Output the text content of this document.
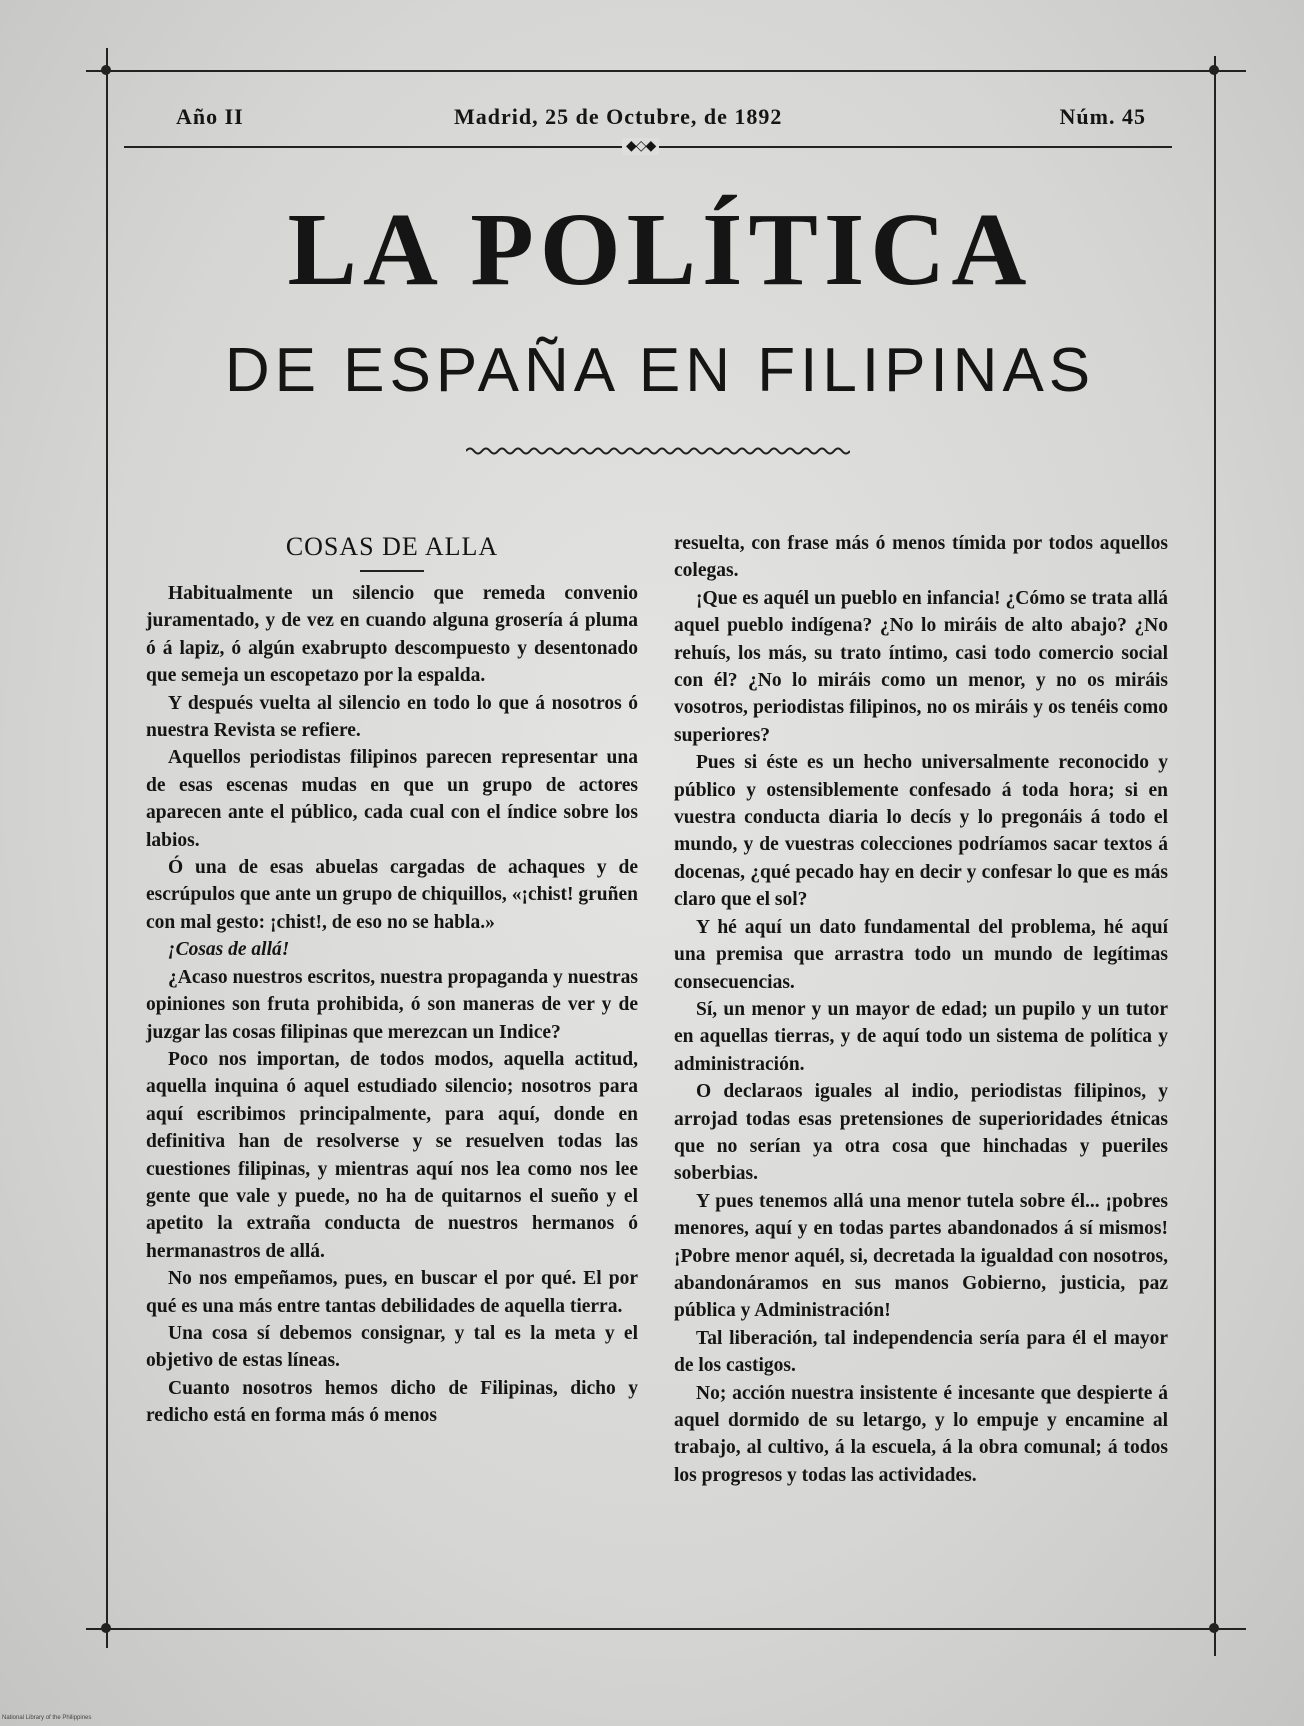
Año II	Madrid, 25 de Octubre, de 1892	Núm. 45
◆◇◆
LA POLÍTICA
DE ESPAÑA EN FILIPINAS
COSAS DE ALLA

Habitualmente un silencio que remeda convenio juramentado, y de vez en cuando alguna grosería á pluma ó á lapiz, ó algún exabrupto descompuesto y desentonado que semeja un escopetazo por la espalda.

Y después vuelta al silencio en todo lo que á nosotros ó nuestra Revista se refiere.

Aquellos periodistas filipinos parecen representar una de esas escenas mudas en que un grupo de actores aparecen ante el público, cada cual con el índice sobre los labios.

Ó una de esas abuelas cargadas de achaques y de escrúpulos que ante un grupo de chiquillos, «¡chist! gruñen con mal gesto: ¡chist!, de eso no se habla.»

¡Cosas de allá!

¿Acaso nuestros escritos, nuestra propaganda y nuestras opiniones son fruta prohibida, ó son maneras de ver y de juzgar las cosas filipinas que merezcan un Indice?

Poco nos importan, de todos modos, aquella actitud, aquella inquina ó aquel estudiado silencio; nosotros para aquí escribimos principalmente, para aquí, donde en definitiva han de resolverse y se resuelven todas las cuestiones filipinas, y mientras aquí nos lea como nos lee gente que vale y puede, no ha de quitarnos el sueño y el apetito la extraña conducta de nuestros hermanos ó hermanastros de allá.

No nos empeñamos, pues, en buscar el por qué. El por qué es una más entre tantas debilidades de aquella tierra.

Una cosa sí debemos consignar, y tal es la meta y el objetivo de estas líneas.

Cuanto nosotros hemos dicho de Filipinas, dicho y redicho está en forma más ó menos

resuelta, con frase más ó menos tímida por todos aquellos colegas.

¡Que es aquél un pueblo en infancia! ¿Cómo se trata allá aquel pueblo indígena? ¿No lo miráis de alto abajo? ¿No rehuís, los más, su trato íntimo, casi todo comercio social con él? ¿No lo miráis como un menor, y no os miráis vosotros, periodistas filipinos, no os miráis y os tenéis como superiores?

Pues si éste es un hecho universalmente reconocido y público y ostensiblemente confesado á toda hora; si en vuestra conducta diaria lo decís y lo pregonáis á todo el mundo, y de vuestras colecciones podríamos sacar textos á docenas, ¿qué pecado hay en decir y confesar lo que es más claro que el sol?

Y hé aquí un dato fundamental del problema, hé aquí una premisa que arrastra todo un mundo de legítimas consecuencias.

Sí, un menor y un mayor de edad; un pupilo y un tutor en aquellas tierras, y de aquí todo un sistema de política y administración.

O declaraos iguales al indio, periodistas filipinos, y arrojad todas esas pretensiones de superioridades étnicas que no serían ya otra cosa que hinchadas y pueriles soberbias.

Y pues tenemos allá una menor tutela sobre él... ¡pobres menores, aquí y en todas partes abandonados á sí mismos! ¡Pobre menor aquél, si, decretada la igualdad con nosotros, abandonáramos en sus manos Gobierno, justicia, paz pública y Administración!

Tal liberación, tal independencia sería para él el mayor de los castigos.

No; acción nuestra insistente é incesante que despierte á aquel dormido de su letargo, y lo empuje y encamine al trabajo, al cultivo, á la escuela, á la obra comunal; á todos los progresos y todas las actividades.

National Library of the Philippines
